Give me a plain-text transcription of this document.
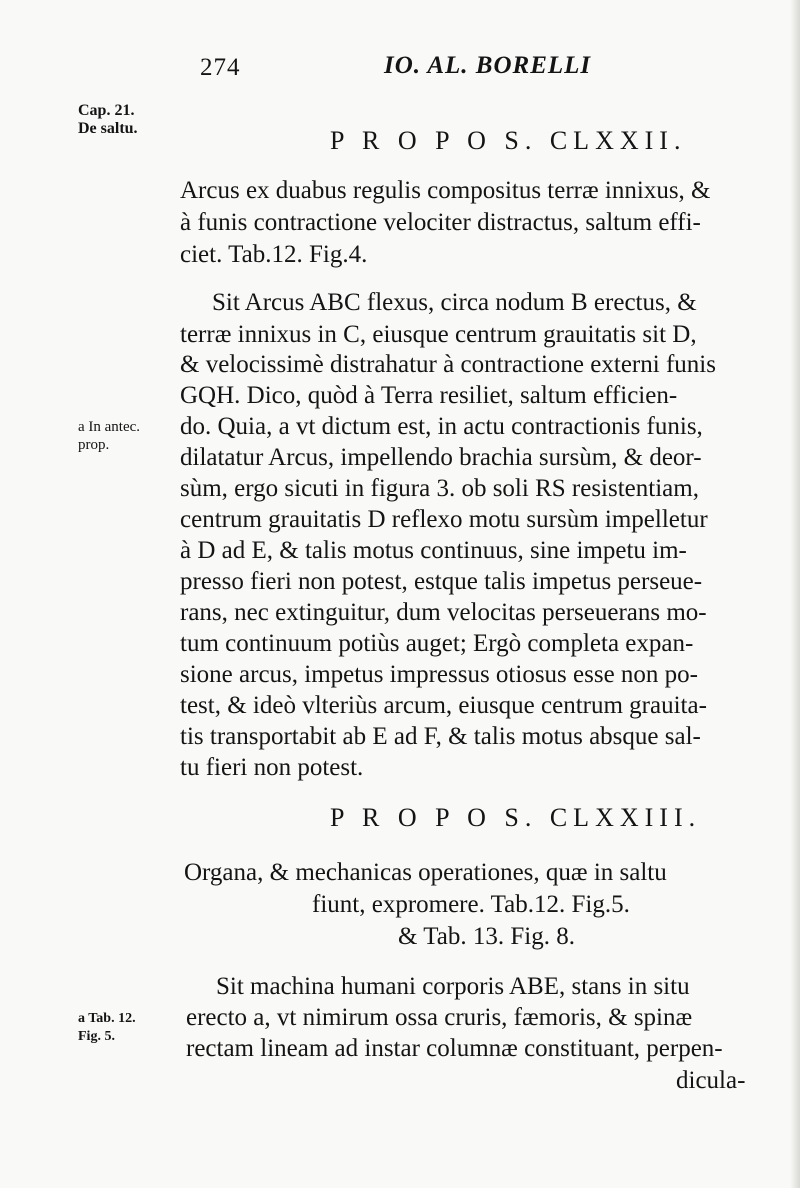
274	IO. AL. BORELLI
Cap. 21.
De saltu.
a In antec.
prop.
a Tab. 12.
Fig. 5.
P R O P O S. CLXXII.
Arcus ex duabus regulis compositus terræ innixus, &
à funis contractione velociter distractus, saltum effi-
ciet. Tab.12. Fig.4.
Sit Arcus ABC flexus, circa nodum B erectus, &
terræ innixus in C, eiusque centrum grauitatis sit D,
& velocissimè distrahatur à contractione externi funis
GQH. Dico, quòd à Terra resiliet, saltum efficien-
do. Quia, a vt dictum est, in actu contractionis funis,
dilatatur Arcus, impellendo brachia sursùm, & deor-
sùm, ergo sicuti in figura 3. ob soli RS resistentiam,
centrum grauitatis D reflexo motu sursùm impelletur
à D ad E, & talis motus continuus, sine impetu im-
presso fieri non potest, estque talis impetus perseue-
rans, nec extinguitur, dum velocitas perseuerans mo-
tum continuum potiùs auget; Ergò completa expan-
sione arcus, impetus impressus otiosus esse non po-
test, & ideò vlteriùs arcum, eiusque centrum grauita-
tis transportabit ab E ad F, & talis motus absque sal-
tu fieri non potest.
P R O P O S. CLXXIII.
Organa, & mechanicas operationes, quæ in saltu
fiunt, expromere. Tab.12. Fig.5.
& Tab. 13. Fig. 8.
Sit machina humani corporis ABE, stans in situ
erecto a, vt nimirum ossa cruris, fæmoris, & spinæ
rectam lineam ad instar columnæ constituant, perpen-
dicula-
